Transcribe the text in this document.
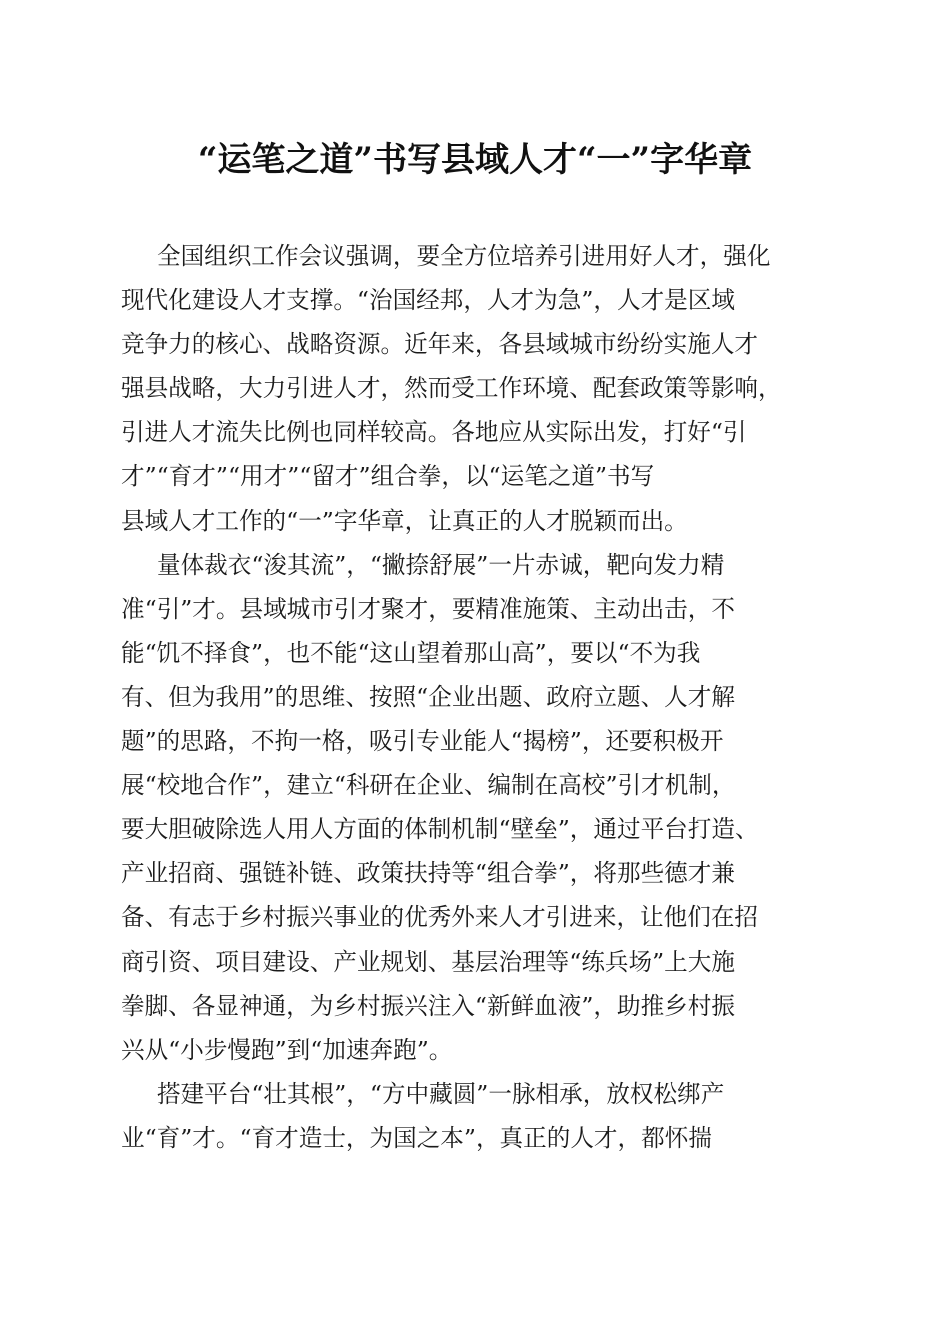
“运笔之道”书写县域人才“一”字华章
全国组织工作会议强调，要全方位培养引进用好人才，强化
现代化建设人才支撑。“治国经邦，人才为急”，人才是区域
竞争力的核心、战略资源。近年来，各县域城市纷纷实施人才
强县战略，大力引进人才，然而受工作环境、配套政策等影响，
引进人才流失比例也同样较高。各地应从实际出发，打好“引
才”“育才”“用才”“留才”组合拳，以“运笔之道”书写
县域人才工作的“一”字华章，让真正的人才脱颖而出。
量体裁衣“浚其流”，“撇捺舒展”一片赤诚，靶向发力精
准“引”才。县域城市引才聚才，要精准施策、主动出击，不
能“饥不择食”，也不能“这山望着那山高”，要以“不为我
有、但为我用”的思维、按照“企业出题、政府立题、人才解
题”的思路，不拘一格，吸引专业能人“揭榜”，还要积极开
展“校地合作”，建立“科研在企业、编制在高校”引才机制，
要大胆破除选人用人方面的体制机制“壁垒”，通过平台打造、
产业招商、强链补链、政策扶持等“组合拳”，将那些德才兼
备、有志于乡村振兴事业的优秀外来人才引进来，让他们在招
商引资、项目建设、产业规划、基层治理等“练兵场”上大施
拳脚、各显神通，为乡村振兴注入“新鲜血液”，助推乡村振
兴从“小步慢跑”到“加速奔跑”。
搭建平台“壮其根”，“方中藏圆”一脉相承，放权松绑产
业“育”才。“育才造士，为国之本”，真正的人才，都怀揣
